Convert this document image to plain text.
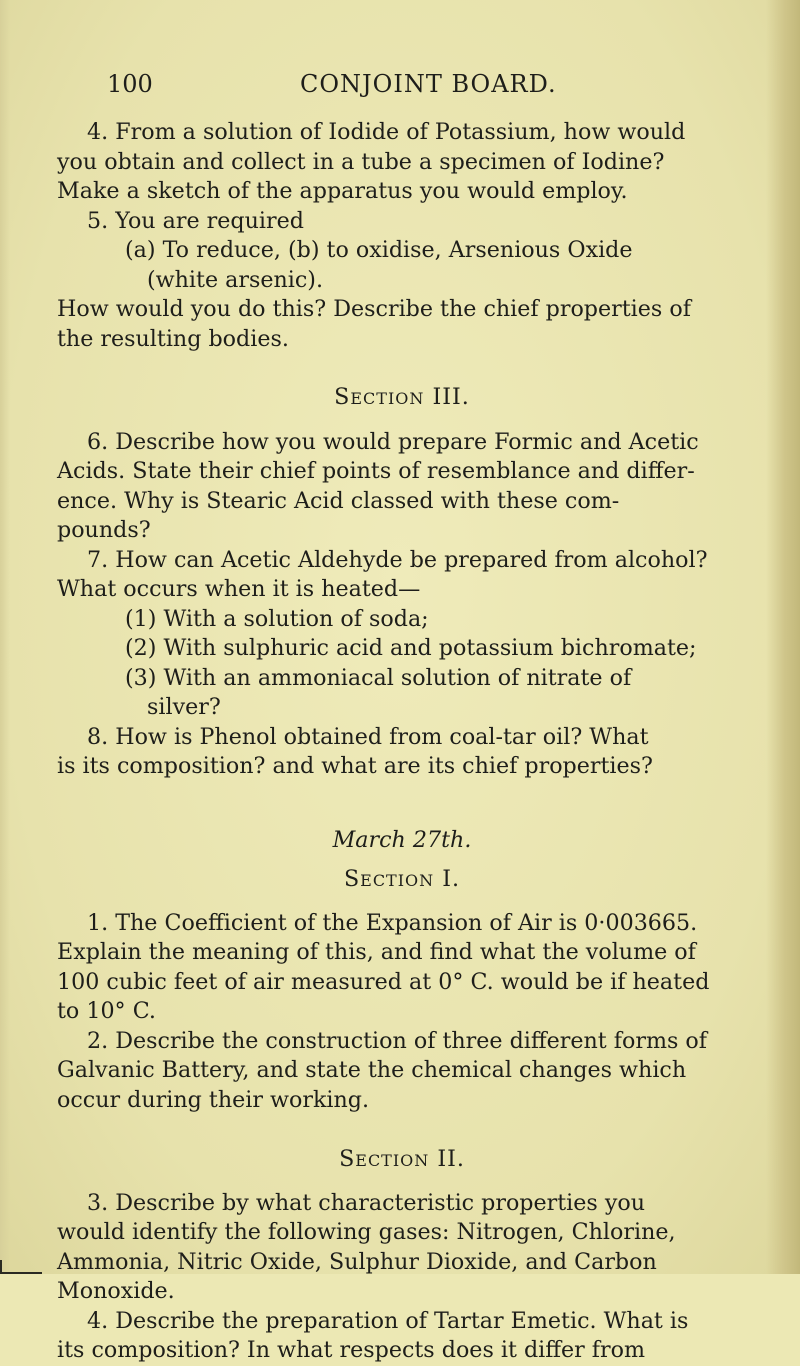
100	CONJOINT BOARD.

4. From a solution of Iodide of Potassium, how would

you obtain and collect in a tube a specimen of Iodine?

Make a sketch of the apparatus you would employ.

5. You are required

(a) To reduce, (b) to oxidise, Arsenious Oxide

(white arsenic).

How would you do this? Describe the chief properties of

the resulting bodies.

Section III.

6. Describe how you would prepare Formic and Acetic

Acids. State their chief points of resemblance and differ-

ence. Why is Stearic Acid classed with these com-

pounds?

7. How can Acetic Aldehyde be prepared from alcohol?

What occurs when it is heated—

(1) With a solution of soda;

(2) With sulphuric acid and potassium bichromate;

(3) With an ammoniacal solution of nitrate of

silver?

8. How is Phenol obtained from coal-tar oil? What

is its composition? and what are its chief properties?

March 27th.

Section I.

1. The Coefficient of the Expansion of Air is 0·003665.

Explain the meaning of this, and find what the volume of

100 cubic feet of air measured at 0° C. would be if heated

to 10° C.

2. Describe the construction of three different forms of

Galvanic Battery, and state the chemical changes which

occur during their working.

Section II.

3. Describe by what characteristic properties you

would identify the following gases: Nitrogen, Chlorine,

Ammonia, Nitric Oxide, Sulphur Dioxide, and Carbon

Monoxide.

4. Describe the preparation of Tartar Emetic. What is

its composition? In what respects does it differ from
